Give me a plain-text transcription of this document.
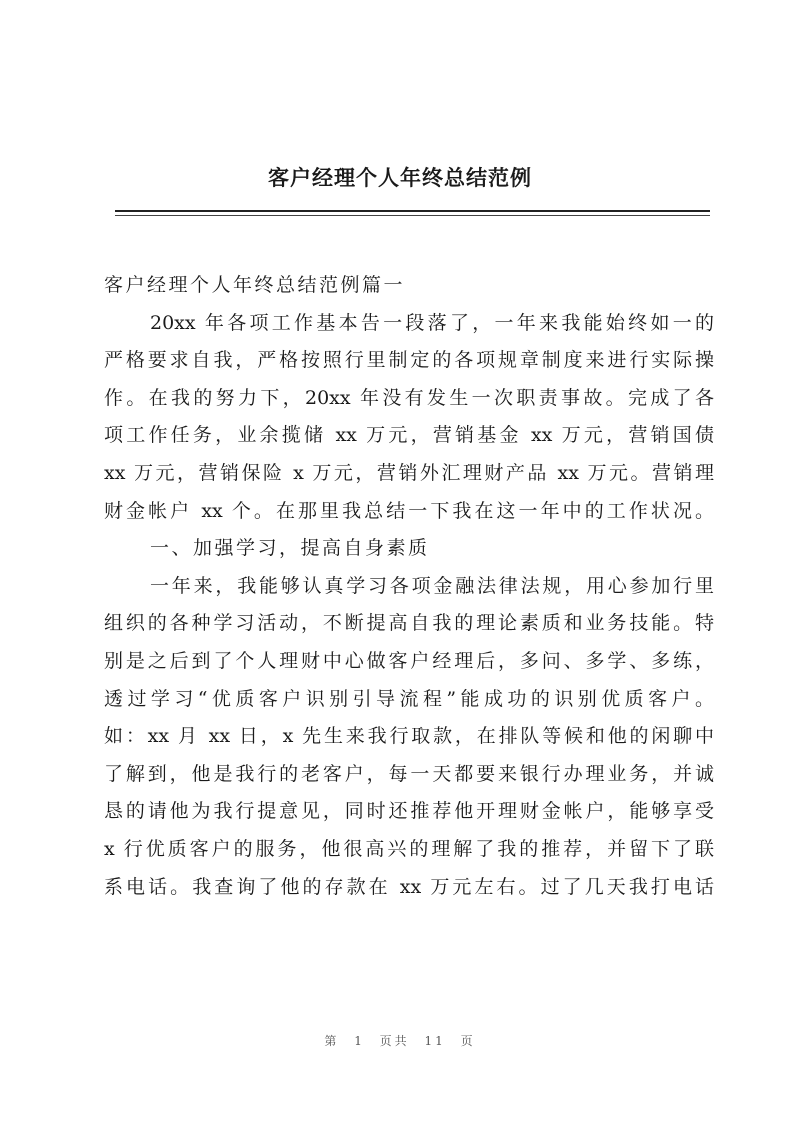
客户经理个人年终总结范例
客户经理个人年终总结范例篇一
20xx 年各项工作基本告一段落了，一年来我能始终如一的
严格要求自我，严格按照行里制定的各项规章制度来进行实际操
作。在我的努力下，20xx 年没有发生一次职责事故。完成了各
项工作任务，业余揽储 xx 万元，营销基金 xx 万元，营销国债
xx 万元，营销保险 x 万元，营销外汇理财产品 xx 万元。营销理
财金帐户 xx 个。在那里我总结一下我在这一年中的工作状况。
一、加强学习，提高自身素质
一年来，我能够认真学习各项金融法律法规，用心参加行里
组织的各种学习活动，不断提高自我的理论素质和业务技能。特
别是之后到了个人理财中心做客户经理后，多问、多学、多练，
透过学习“优质客户识别引导流程”能成功的识别优质客户。
如：xx 月 xx 日，x 先生来我行取款，在排队等候和他的闲聊中
了解到，他是我行的老客户，每一天都要来银行办理业务，并诚
恳的请他为我行提意见，同时还推荐他开理财金帐户，能够享受
x 行优质客户的服务，他很高兴的理解了我的推荐，并留下了联
系电话。我查询了他的存款在 xx 万元左右。过了几天我打电话
第 1 页共 11 页
